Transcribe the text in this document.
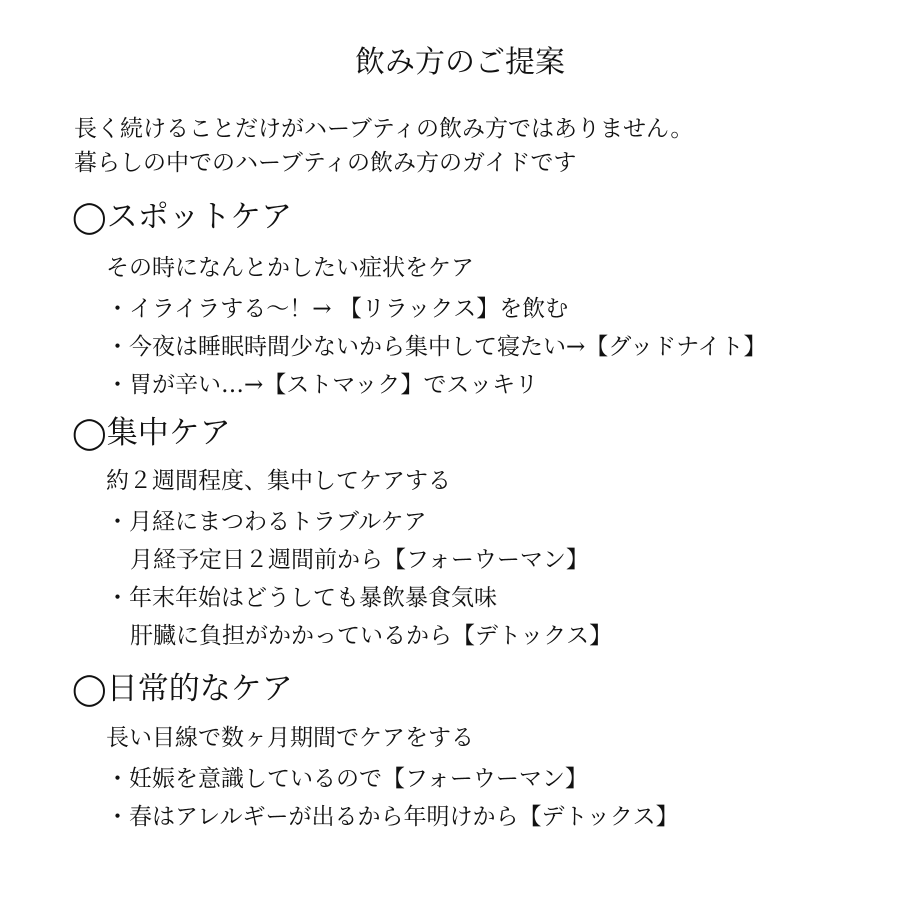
飲み方のご提案
長く続けることだけがハーブティの飲み方ではありません。
暮らしの中でのハーブティの飲み方のガイドです
◯スポットケア
その時になんとかしたい症状をケア
・イライラする～！→ 【リラックス】を飲む
・今夜は睡眠時間少ないから集中して寝たい→【グッドナイト】
・胃が辛い…→【ストマック】でスッキリ
◯集中ケア
約２週間程度、集中してケアする
・月経にまつわるトラブルケア
月経予定日２週間前から【フォーウーマン】
・年末年始はどうしても暴飲暴食気味
肝臓に負担がかかっているから【デトックス】
◯日常的なケア
長い目線で数ヶ月期間でケアをする
・妊娠を意識しているので【フォーウーマン】
・春はアレルギーが出るから年明けから【デトックス】
